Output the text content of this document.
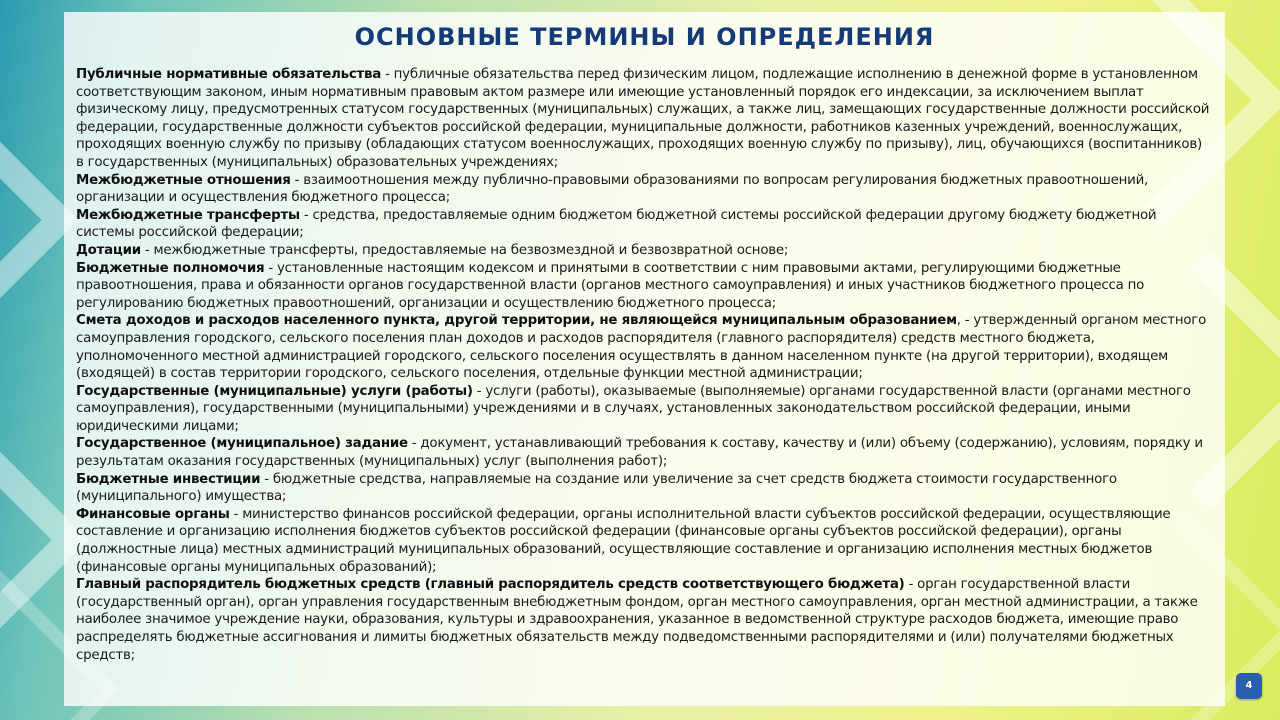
ОСНОВНЫЕ ТЕРМИНЫ И ОПРЕДЕЛЕНИЯ

Публичные нормативные обязательства - публичные обязательства перед физическим лицом, подлежащие исполнению в денежной форме в установленном соответствующим законом, иным нормативным правовым актом размере или имеющие установленный порядок его индексации, за исключением выплат физическому лицу, предусмотренных статусом государственных (муниципальных) служащих, а также лиц, замещающих государственные должности российской федерации, государственные должности субъектов российской федерации, муниципальные должности, работников казенных учреждений, военнослужащих, проходящих военную службу по призыву (обладающих статусом военнослужащих, проходящих военную службу по призыву), лиц, обучающихся (воспитанников) в государственных (муниципальных) образовательных учреждениях;

Межбюджетные отношения - взаимоотношения между публично-правовыми образованиями по вопросам регулирования бюджетных правоотношений, организации и осуществления бюджетного процесса;

Межбюджетные трансферты - средства, предоставляемые одним бюджетом бюджетной системы российской федерации другому бюджету бюджетной системы российской федерации;

Дотации - межбюджетные трансферты, предоставляемые на безвозмездной и безвозвратной основе;

Бюджетные полномочия - установленные настоящим кодексом и принятыми в соответствии с ним правовыми актами, регулирующими бюджетные правоотношения, права и обязанности органов государственной власти (органов местного самоуправления) и иных участников бюджетного процесса по регулированию бюджетных правоотношений, организации и осуществлению бюджетного процесса;

Смета доходов и расходов населенного пункта, другой территории, не являющейся муниципальным образованием, - утвержденный органом местного самоуправления городского, сельского поселения план доходов и расходов распорядителя (главного распорядителя) средств местного бюджета, уполномоченного местной администрацией городского, сельского поселения осуществлять в данном населенном пункте (на другой территории), входящем (входящей) в состав территории городского, сельского поселения, отдельные функции местной администрации;

Государственные (муниципальные) услуги (работы) - услуги (работы), оказываемые (выполняемые) органами государственной власти (органами местного самоуправления), государственными (муниципальными) учреждениями и в случаях, установленных законодательством российской федерации, иными юридическими лицами;

Государственное (муниципальное) задание - документ, устанавливающий требования к составу, качеству и (или) объему (содержанию), условиям, порядку и результатам оказания государственных (муниципальных) услуг (выполнения работ);

Бюджетные инвестиции - бюджетные средства, направляемые на создание или увеличение за счет средств бюджета стоимости государственного (муниципального) имущества;

Финансовые органы - министерство финансов российской федерации, органы исполнительной власти субъектов российской федерации, осуществляющие составление и организацию исполнения бюджетов субъектов российской федерации (финансовые органы субъектов российской федерации), органы (должностные лица) местных администраций муниципальных образований, осуществляющие составление и организацию исполнения местных бюджетов (финансовые органы муниципальных образований);

Главный распорядитель бюджетных средств (главный распорядитель средств соответствующего бюджета) - орган государственной власти (государственный орган), орган управления государственным внебюджетным фондом, орган местного самоуправления, орган местной администрации, а также наиболее значимое учреждение науки, образования, культуры и здравоохранения, указанное в ведомственной структуре расходов бюджета, имеющие право распределять бюджетные ассигнования и лимиты бюджетных обязательств между подведомственными распорядителями и (или) получателями бюджетных средств;

4
